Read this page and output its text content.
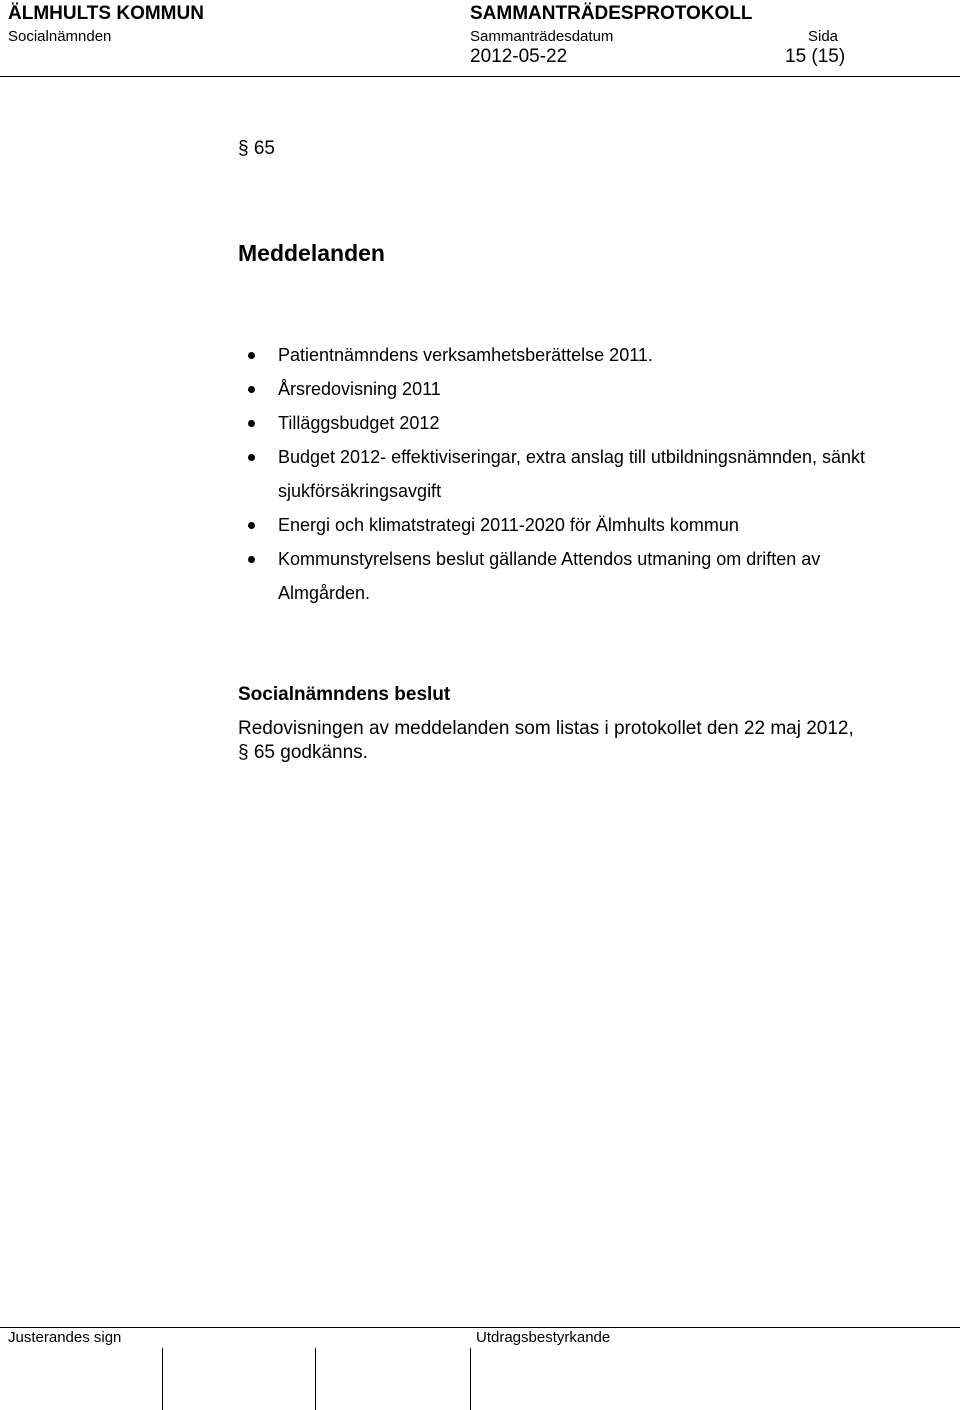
ÄLMHULTS KOMMUN	SAMMANTRÄDESPROTOKOLL
Socialnämnden	Sammanträdesdatum	Sida
2012-05-22	15 (15)
§ 65
Meddelanden
Patientnämndens verksamhetsberättelse 2011.
Årsredovisning 2011
Tilläggsbudget 2012
Budget 2012- effektiviseringar, extra anslag till utbildningsnämnden, sänkt sjukförsäkringsavgift
Energi och klimatstrategi 2011-2020 för Älmhults kommun
Kommunstyrelsens beslut gällande Attendos utmaning om driften av Almgården.
Socialnämndens beslut
Redovisningen av meddelanden som listas i protokollet den 22 maj 2012,
§ 65 godkänns.
Justerandes sign	Utdragsbestyrkande
